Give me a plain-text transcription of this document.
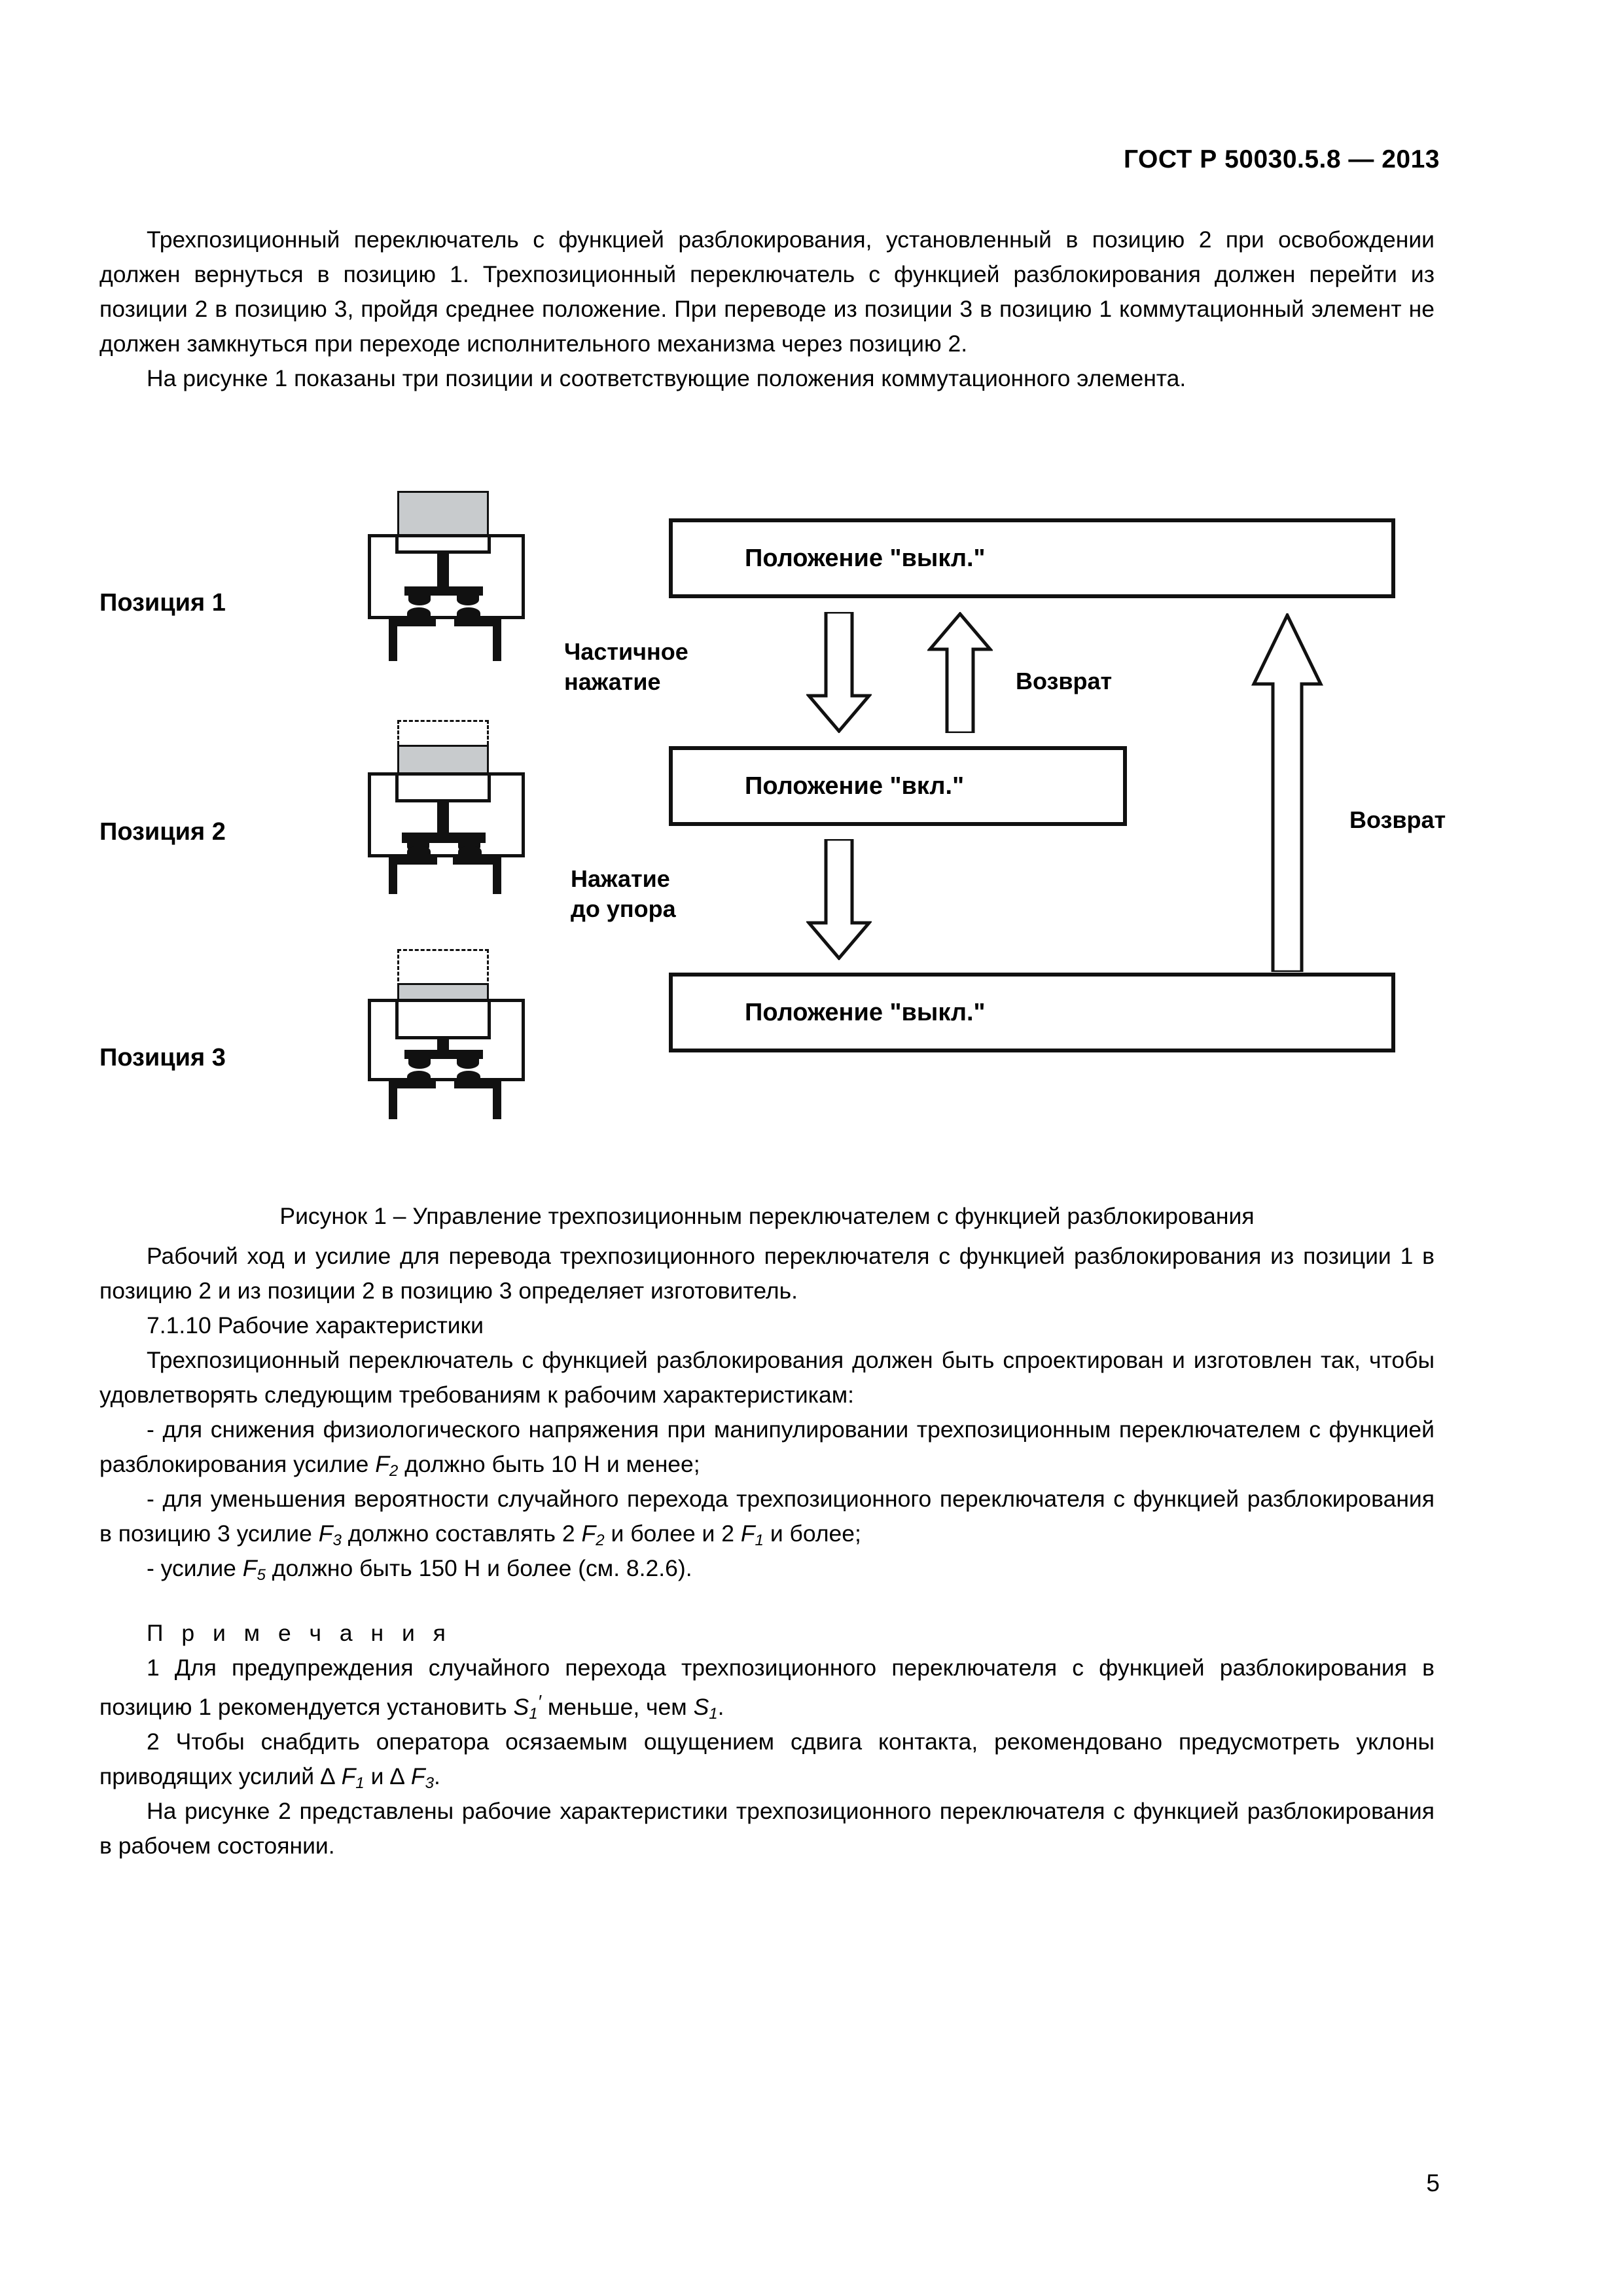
ГОСТ Р 50030.5.8 — 2013

Трехпозиционный переключатель с функцией разблокирования, установленный в позицию 2 при освобождении должен вернуться в позицию 1. Трехпозиционный переключатель с функцией разблокирования должен перейти из позиции 2 в позицию 3, пройдя среднее положение. При переводе из позиции 3 в позицию 1 коммутационный элемент не должен замкнуться при переходе исполнительного механизма через позицию 2.

На рисунке 1 показаны три позиции и соответствующие положения коммутационного элемента.

Позиция 1
Позиция 2
Позиция 3
Положение "выкл."
Положение "вкл."
Положение "выкл."
Частичное
нажатие	Возврат
Нажатие
до упора
Возврат
Рисунок 1 – Управление трехпозиционным переключателем с функцией разблокирования

Рабочий ход и усилие для перевода трехпозиционного переключателя с функцией разблокирования из позиции 1 в позицию 2 и из позиции 2 в позицию 3 определяет изготовитель.

7.1.10 Рабочие характеристики

Трехпозиционный переключатель с функцией разблокирования должен быть спроектирован и изготовлен так, чтобы удовлетворять следующим требованиям к рабочим характеристикам:

- для снижения физиологического напряжения при манипулировании трехпозиционным переключателем с функцией разблокирования усилие $F_2$ должно быть 10 Н и менее;

- для уменьшения вероятности случайного перехода трехпозиционного переключателя с функцией разблокирования в позицию 3 усилие $F_3$ должно составлять 2 $F_2$ и более и 2 $F_1$ и более;

- усилие $F_5$ должно быть 150 Н и более (см. 8.2.6).

П р и м е ч а н и я

1 Для предупреждения случайного перехода трехпозиционного переключателя с функцией разблокирования в позицию 1 рекомендуется установить $S_1'$ меньше, чем $S_1$.

2 Чтобы снабдить оператора осязаемым ощущением сдвига контакта, рекомендовано предусмотреть уклоны приводящих усилий ∆ $F_1$ и ∆ $F_3$.

На рисунке 2 представлены рабочие характеристики трехпозиционного переключателя с функцией разблокирования в рабочем состоянии.

5
